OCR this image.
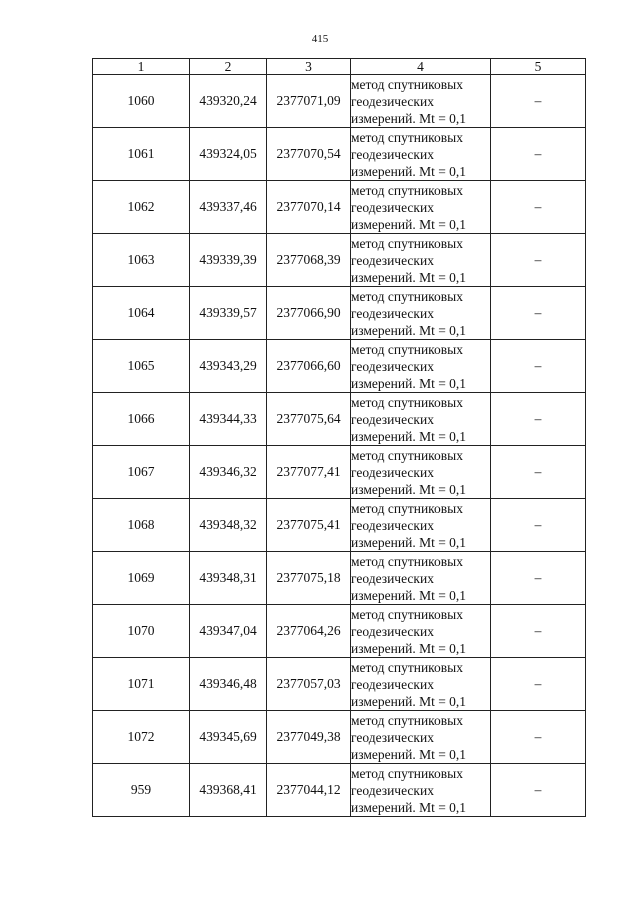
415
1	2	3	4	5
1060	439320,24	2377071,09	метод спутниковых
геодезических
измерений. Mt = 0,1	–
1061	439324,05	2377070,54	метод спутниковых
геодезических
измерений. Mt = 0,1	–
1062	439337,46	2377070,14	метод спутниковых
геодезических
измерений. Mt = 0,1	–
1063	439339,39	2377068,39	метод спутниковых
геодезических
измерений. Mt = 0,1	–
1064	439339,57	2377066,90	метод спутниковых
геодезических
измерений. Mt = 0,1	–
1065	439343,29	2377066,60	метод спутниковых
геодезических
измерений. Mt = 0,1	–
1066	439344,33	2377075,64	метод спутниковых
геодезических
измерений. Mt = 0,1	–
1067	439346,32	2377077,41	метод спутниковых
геодезических
измерений. Mt = 0,1	–
1068	439348,32	2377075,41	метод спутниковых
геодезических
измерений. Mt = 0,1	–
1069	439348,31	2377075,18	метод спутниковых
геодезических
измерений. Mt = 0,1	–
1070	439347,04	2377064,26	метод спутниковых
геодезических
измерений. Mt = 0,1	–
1071	439346,48	2377057,03	метод спутниковых
геодезических
измерений. Mt = 0,1	–
1072	439345,69	2377049,38	метод спутниковых
геодезических
измерений. Mt = 0,1	–
959	439368,41	2377044,12	метод спутниковых
геодезических
измерений. Mt = 0,1	–
